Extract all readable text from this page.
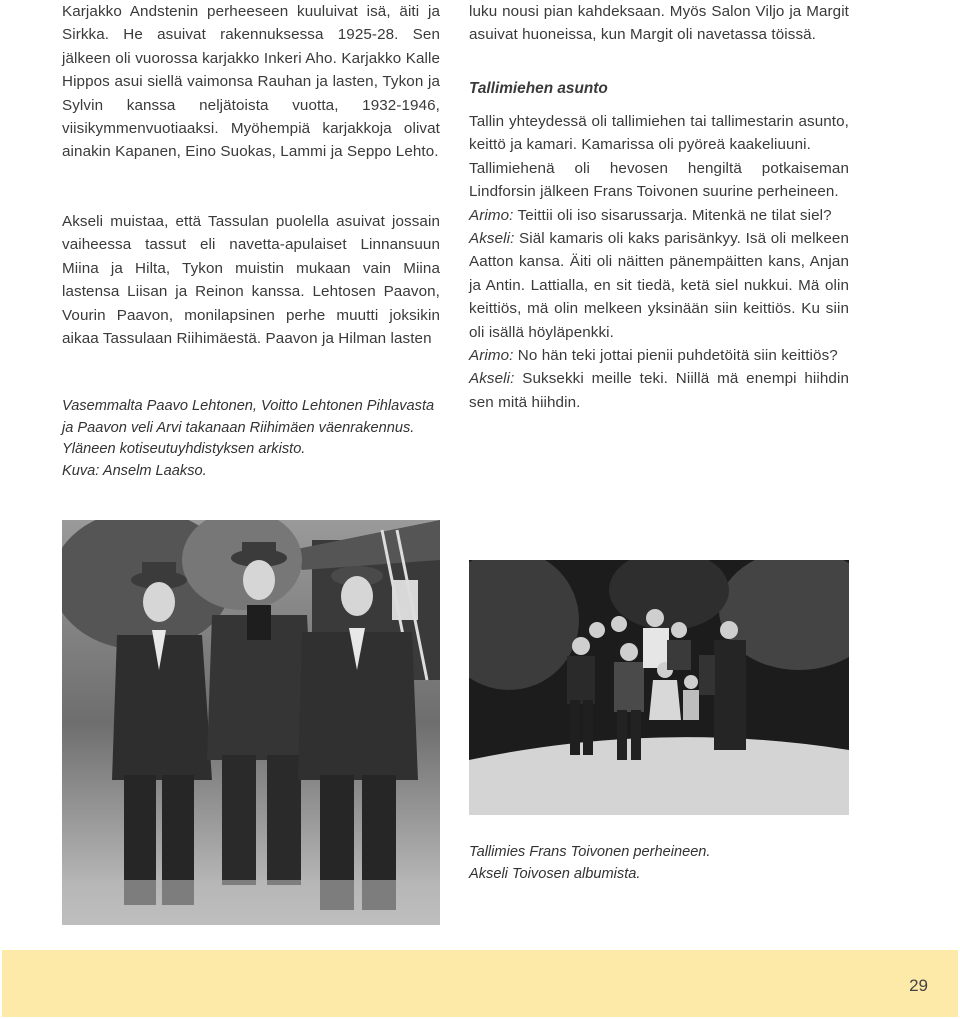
Karjakko Andstenin perheeseen kuuluivat isä, äiti ja Sirkka. He asuivat rakennuksessa 1925-28. Sen jälkeen oli vuorossa karjakko Inkeri Aho. Karjakko Kalle Hippos asui siellä vaimonsa Rauhan ja lasten, Tykon ja Sylvin kanssa neljätoista vuotta, 1932-1946, viisikymmenvuotiaaksi. Myöhempiä karjakkoja olivat ainakin Kapanen, Eino Suokas, Lammi ja Seppo Lehto.

Akseli muistaa, että Tassulan puolella asuivat jossain vaiheessa tassut eli navetta-apulaiset Linnansuun Miina ja Hilta, Tykon muistin mukaan vain Miina lastensa Liisan ja Reinon kanssa. Lehtosen Paavon, Vourin Paavon, monilapsinen perhe muutti joksikin aikaa Tassulaan Riihimäestä. Paavon ja Hilman lasten

Vasemmalta Paavo Lehtonen, Voitto Lehtonen Pihlavasta ja Paavon veli Arvi takanaan Riihimäen väenrakennus.

Yläneen kotiseutuyhdistyksen arkisto.

Kuva: Anselm Laakso.

luku nousi pian kahdeksaan. Myös Salon Viljo ja Margit asuivat huoneissa, kun Margit oli navetassa töissä.

Tallimiehen asunto

Tallin yhteydessä oli tallimiehen tai tallimestarin asunto, keittö ja kamari. Kamarissa oli pyöreä kaakeliuuni.

Tallimiehenä oli hevosen hengiltä potkaiseman Lindforsin jälkeen Frans Toivonen suurine perheineen.

Arimo: Teittii oli iso sisarussarja. Mitenkä ne tilat siel?

Akseli: Siäl kamaris oli kaks parisänkyy. Isä oli melkeen Aatton kansa. Äiti oli näitten pänempäitten kans, Anjan ja Antin. Lattialla, en sit tiedä, ketä siel nukkui. Mä olin keittiös, mä olin melkeen yksinään siin keittiös. Ku siin oli isällä höyläpenkki.

Arimo: No hän teki jottai pienii puhdetöitä siin keittiös?

Akseli: Suksekki meille teki. Niillä mä enempi hiihdin sen mitä hiihdin.

Tallimies Frans Toivonen perheineen.

Akseli Toivosen albumista.

29
